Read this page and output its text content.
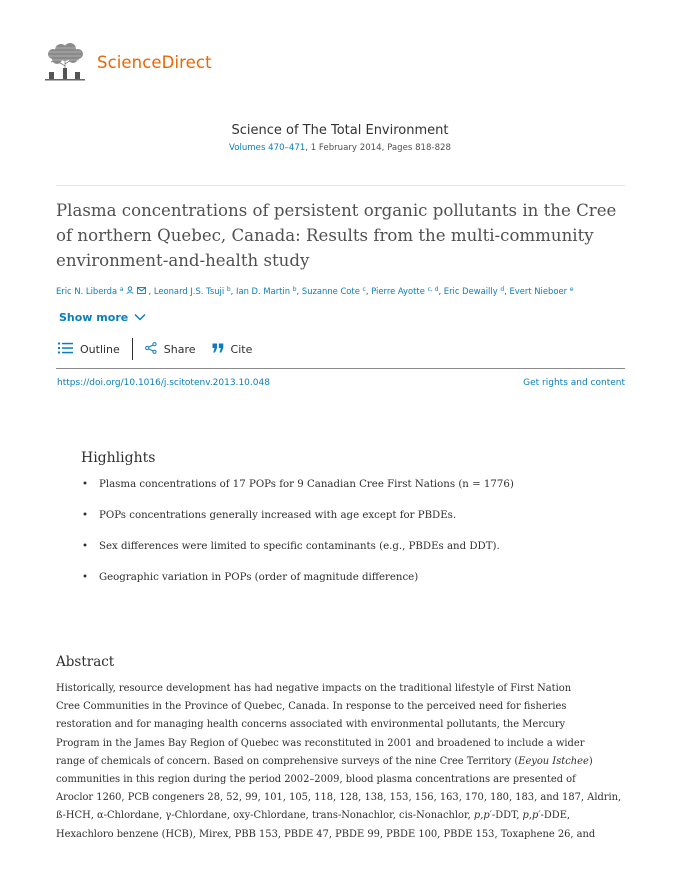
ScienceDirect
Science of The Total Environment
Volumes 470–471, 1 February 2014, Pages 818-828
Plasma concentrations of persistent organic pollutants in the Cree of northern Quebec, Canada: Results from the multi-community environment-and-health study
Eric N. Liberda $^a$	, Leonard J.S. Tsuji $^b$, Ian D. Martin $^b$, Suzanne Cote $^c$, Pierre Ayotte $^{c, d}$, Eric Dewailly $^d$, Evert Nieboer $^e$
Show more
Outline	Share	Cite
https://doi.org/10.1016/j.scitotenv.2013.10.048	Get rights and content
Highlights
• Plasma concentrations of 17 POPs for 9 Canadian Cree First Nations (n = 1776)
• POPs concentrations generally increased with age except for PBDEs.
• Sex differences were limited to specific contaminants (e.g., PBDEs and DDT).
• Geographic variation in POPs (order of magnitude difference)
Abstract
Historically, resource development has had negative impacts on the traditional lifestyle of First Nation
Cree Communities in the Province of Quebec, Canada. In response to the perceived need for fisheries
restoration and for managing health concerns associated with environmental pollutants, the Mercury
Program in the James Bay Region of Quebec was reconstituted in 2001 and broadened to include a wider
range of chemicals of concern. Based on comprehensive surveys of the nine Cree Territory (Eeyou Istchee)
communities in this region during the period 2002–2009, blood plasma concentrations are presented of
Aroclor 1260, PCB congeners 28, 52, 99, 101, 105, 118, 128, 138, 153, 156, 163, 170, 180, 183, and 187, Aldrin,
ß-HCH, α-Chlordane, γ-Chlordane, oxy-Chlordane, trans-Nonachlor, cis-Nonachlor, p,p′-DDT, p,p′-DDE,
Hexachloro benzene (HCB), Mirex, PBB 153, PBDE 47, PBDE 99, PBDE 100, PBDE 153, Toxaphene 26, and
